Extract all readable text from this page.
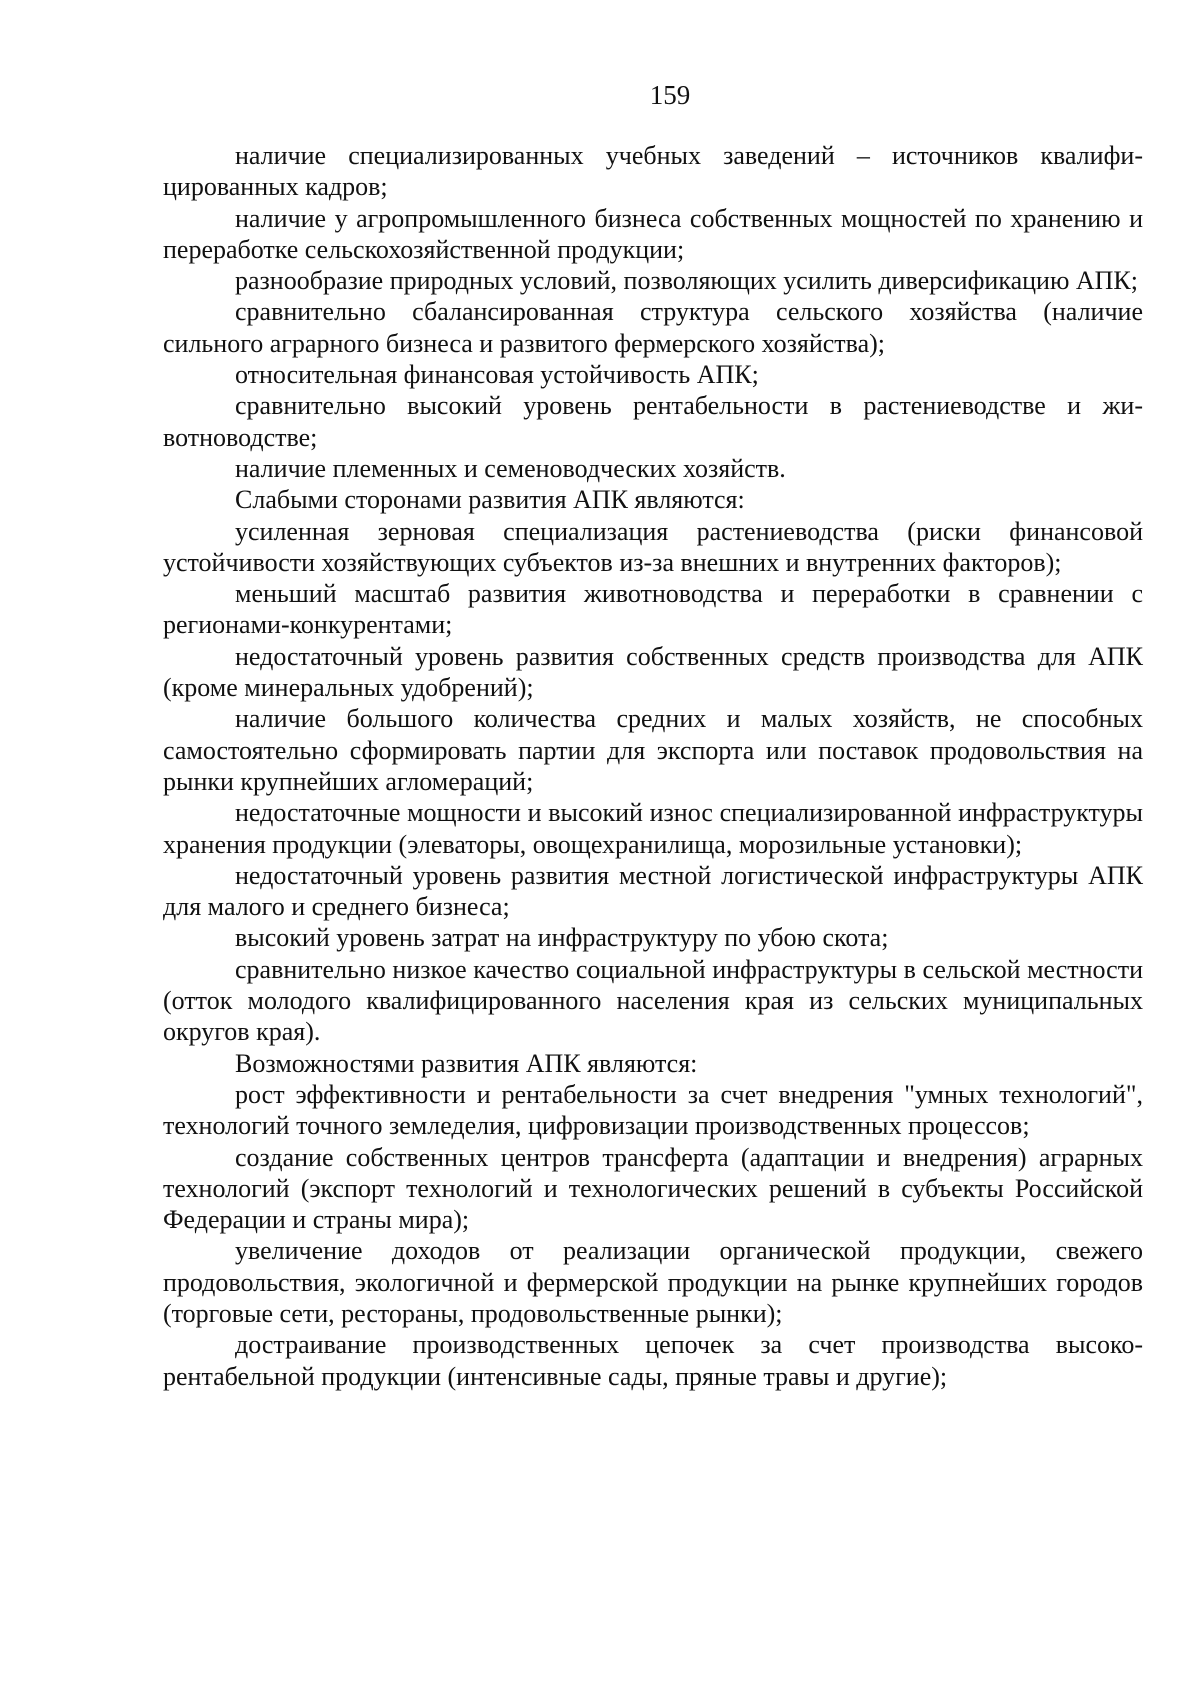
159

наличие специализированных учебных заведений – источников квалифицированных кадров;

наличие у агропромышленного бизнеса собственных мощностей по хранению и переработке сельскохозяйственной продукции;

разнообразие природных условий, позволяющих усилить диверсификацию АПК;

сравнительно сбалансированная структура сельского хозяйства (наличие сильного аграрного бизнеса и развитого фермерского хозяйства);

относительная финансовая устойчивость АПК;

сравнительно высокий уровень рентабельности в растениеводстве и животноводстве;

наличие племенных и семеноводческих хозяйств.

Слабыми сторонами развития АПК являются:

усиленная зерновая специализация растениеводства (риски финансовой устойчивости хозяйствующих субъектов из-за внешних и внутренних факторов);

меньший масштаб развития животноводства и переработки в сравнении с регионами-конкурентами;

недостаточный уровень развития собственных средств производства для АПК (кроме минеральных удобрений);

наличие большого количества средних и малых хозяйств, не способных самостоятельно сформировать партии для экспорта или поставок продовольствия на рынки крупнейших агломераций;

недостаточные мощности и высокий износ специализированной инфраструктуры хранения продукции (элеваторы, овощехранилища, морозильные установки);

недостаточный уровень развития местной логистической инфраструктуры АПК для малого и среднего бизнеса;

высокий уровень затрат на инфраструктуру по убою скота;

сравнительно низкое качество социальной инфраструктуры в сельской местности (отток молодого квалифицированного населения края из сельских муниципальных округов края).

Возможностями развития АПК являются:

рост эффективности и рентабельности за счет внедрения "умных технологий", технологий точного земледелия, цифровизации производственных процессов;

создание собственных центров трансферта (адаптации и внедрения) аграрных технологий (экспорт технологий и технологических решений в субъекты Российской Федерации и страны мира);

увеличение доходов от реализации органической продукции, свежего продовольствия, экологичной и фермерской продукции на рынке крупнейших городов (торговые сети, рестораны, продовольственные рынки);

достраивание производственных цепочек за счет производства высокорентабельной продукции (интенсивные сады, пряные травы и другие);
